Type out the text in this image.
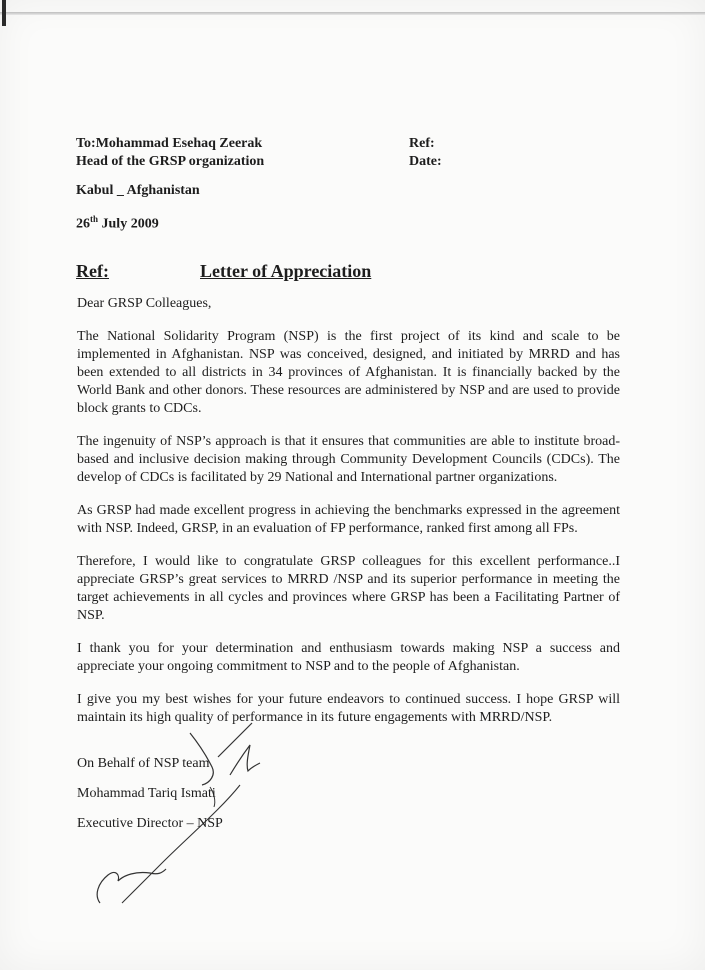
To:Mohammad Esehaq Zeerak
Head of the GRSP organization
Ref:
Date:
Kabul _ Afghanistan
26th July 2009
Ref:	Letter of Appreciation

Dear GRSP Colleagues,

The National Solidarity Program (NSP) is the first project of its kind and scale to be implemented in Afghanistan. NSP was conceived, designed, and initiated by MRRD and has been extended to all districts in 34 provinces of Afghanistan. It is financially backed by the World Bank and other donors. These resources are administered by NSP and are used to provide block grants to CDCs.

The ingenuity of NSP’s approach is that it ensures that communities are able to institute broad-based and inclusive decision making through Community Development Councils (CDCs). The develop of CDCs is facilitated by 29 National and International partner organizations.

As GRSP had made excellent progress in achieving the benchmarks expressed in the agreement with NSP. Indeed, GRSP, in an evaluation of FP performance, ranked first among all FPs.

Therefore, I would like to congratulate GRSP colleagues for this excellent performance..I appreciate GRSP’s great services to MRRD /NSP and its superior performance in meeting the target achievements in all cycles and provinces where GRSP has been a Facilitating Partner of NSP.

I thank you for your determination and enthusiasm towards making NSP a success and appreciate your ongoing commitment to NSP and to the people of Afghanistan.

I give you my best wishes for your future endeavors to continued success. I hope GRSP will maintain its high quality of performance in its future engagements with MRRD/NSP.

On Behalf of NSP team
Mohammad Tariq Ismati
Executive Director – NSP
